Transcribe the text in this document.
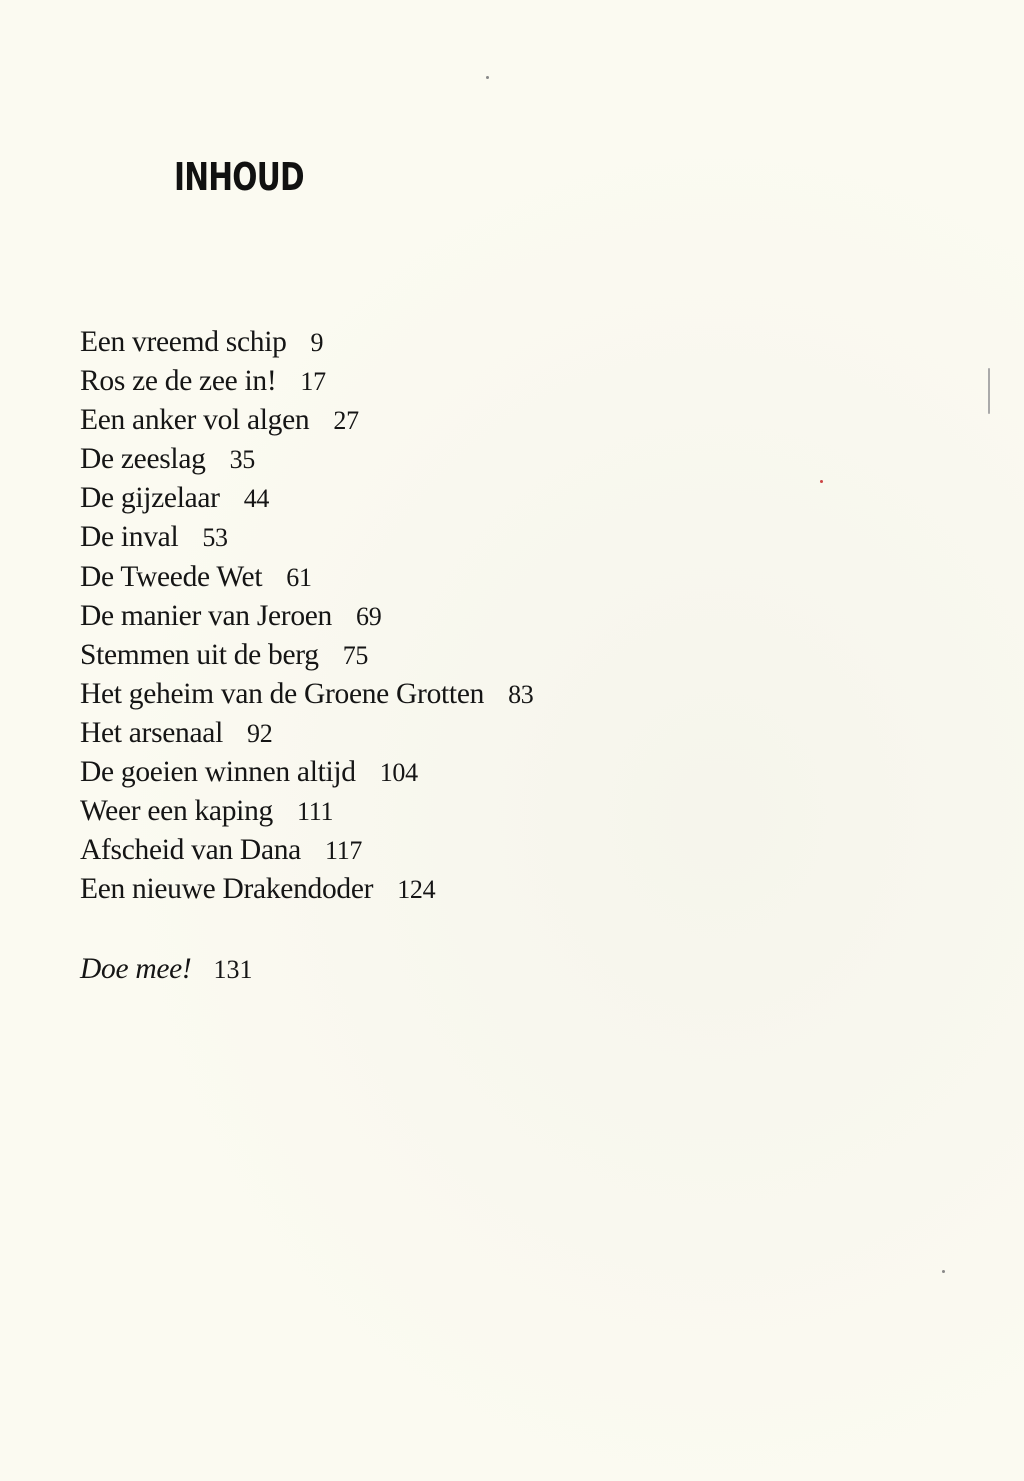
INHOUD
Een vreemd schip 9
Ros ze de zee in! 17
Een anker vol algen 27
De zeeslag 35
De gijzelaar 44
De inval 53
De Tweede Wet 61
De manier van Jeroen 69
Stemmen uit de berg 75
Het geheim van de Groene Grotten 83
Het arsenaal 92
De goeien winnen altijd 104
Weer een kaping 111
Afscheid van Dana 117
Een nieuwe Drakendoder 124
Doe mee! 131
